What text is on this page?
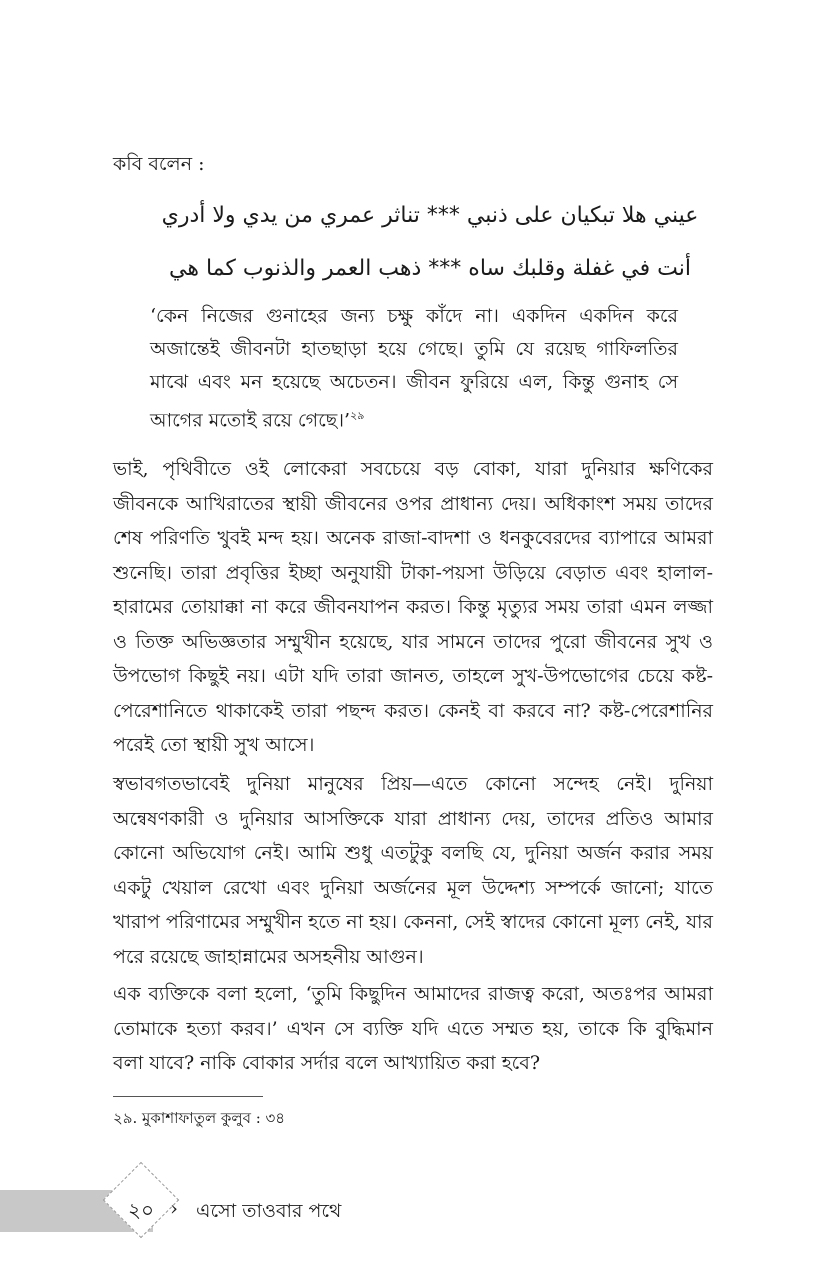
কবি বলেন :

عيني هلا تبكيان على ذنبي *** تناثر عمري من يدي ولا أدري

أنت في غفلة وقلبك ساه *** ذهب العمر والذنوب كما هي

‘কেন নিজের গুনাহের জন্য চক্ষু কাঁদে না। একদিন একদিন করে অজান্তেই জীবনটা হাতছাড়া হয়ে গেছে। তুমি যে রয়েছ গাফিলতির মাঝে এবং মন হয়েছে অচেতন। জীবন ফুরিয়ে এল, কিন্তু গুনাহ সে আগের মতোই রয়ে গেছে।’$^{২৯}$

ভাই, পৃথিবীতে ওই লোকেরা সবচেয়ে বড় বোকা, যারা দুনিয়ার ক্ষণিকের জীবনকে আখিরাতের স্থায়ী জীবনের ওপর প্রাধান্য দেয়। অধিকাংশ সময় তাদের শেষ পরিণতি খুবই মন্দ হয়। অনেক রাজা-বাদশা ও ধনকুবেরদের ব্যাপারে আমরা শুনেছি। তারা প্রবৃত্তির ইচ্ছা অনুযায়ী টাকা-পয়সা উড়িয়ে বেড়াত এবং হালাল-হারামের তোয়াক্কা না করে জীবনযাপন করত। কিন্তু মৃত্যুর সময় তারা এমন লজ্জা ও তিক্ত অভিজ্ঞতার সম্মুখীন হয়েছে, যার সামনে তাদের পুরো জীবনের সুখ ও উপভোগ কিছুই নয়। এটা যদি তারা জানত, তাহলে সুখ-উপভোগের চেয়ে কষ্ট-পেরেশানিতে থাকাকেই তারা পছন্দ করত। কেনই বা করবে না? কষ্ট-পেরেশানির পরেই তো স্থায়ী সুখ আসে।

স্বভাবগতভাবেই দুনিয়া মানুষের প্রিয়—এতে কোনো সন্দেহ নেই। দুনিয়া অন্বেষণকারী ও দুনিয়ার আসক্তিকে যারা প্রাধান্য দেয়, তাদের প্রতিও আমার কোনো অভিযোগ নেই। আমি শুধু এতটুকু বলছি যে, দুনিয়া অর্জন করার সময় একটু খেয়াল রেখো এবং দুনিয়া অর্জনের মূল উদ্দেশ্য সম্পর্কে জানো; যাতে খারাপ পরিণামের সম্মুখীন হতে না হয়। কেননা, সেই স্বাদের কোনো মূল্য নেই, যার পরে রয়েছে জাহান্নামের অসহনীয় আগুন।

এক ব্যক্তিকে বলা হলো, ‘তুমি কিছুদিন আমাদের রাজত্ব করো, অতঃপর আমরা তোমাকে হত্যা করব।’ এখন সে ব্যক্তি যদি এতে সম্মত হয়, তাকে কি বুদ্ধিমান বলা যাবে? নাকি বোকার সর্দার বলে আখ্যায়িত করা হবে?

২৯. মুকাশাফাতুল কুলুব : ৩৪

২০ › এসো তাওবার পথে
